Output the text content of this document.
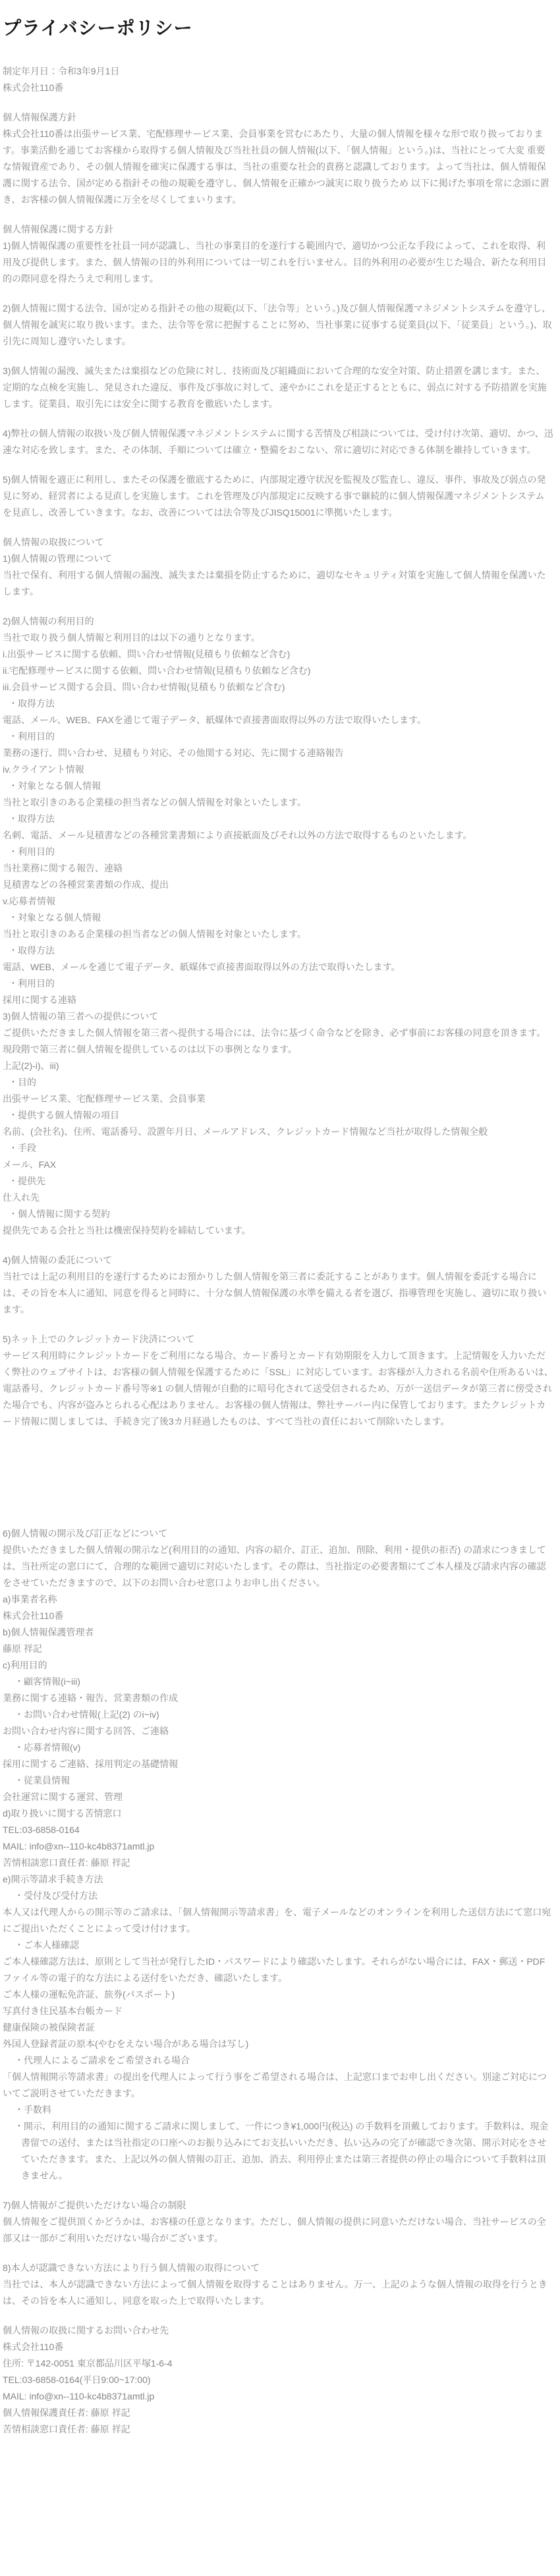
プライバシーポリシー

制定年月日：令和3年9月1日

株式会社110番

個人情報保護方針

株式会社110番は出張サービス業、宅配修理サービス業、会員事業を営むにあたり、大量の個人情報を様々な形で取り扱っております。事業活動を通じてお客様から取得する個人情報及び当社社員の個人情報(以下、「個人情報」という。)は、当社にとって大変 重要な情報資産であり、その個人情報を確実に保護する事は、当社の重要な社会的責務と認識しております。よって当社は、個人情報保護に関する法令、国が定める指針その他の規範を遵守し、個人情報を正確かつ誠実に取り扱うため 以下に掲げた事項を常に念頭に置き、お客様の個人情報保護に万全を尽くしてまいります。

個人情報保護に関する方針

1)個人情報保護の重要性を社員一同が認識し、当社の事業目的を遂行する範囲内で、適切かつ公正な手段によって、これを取得、利用及び提供します。また、個人情報の目的外利用については一切これを行いません。目的外利用の必要が生じた場合、新たな利用目的の際同意を得たうえで利用します。

2)個人情報に関する法令、国が定める指針その他の規範(以下、「法令等」という。)及び個人情報保護マネジメントシステムを遵守し、個人情報を誠実に取り扱います。また、法令等を常に把握することに努め、当社事業に従事する従業員(以下、「従業員」という。)、取引先に周知し遵守いたします。

3)個人情報の漏洩、滅失または棄損などの危険に対し、技術面及び組織面において合理的な安全対策、防止措置を講じます。また、定期的な点検を実施し、発見された違反、事件及び事故に対して、速やかにこれを是正するとともに、弱点に対する予防措置を実施します。従業員、取引先には安全に関する教育を徹底いたします。

4)弊社の個人情報の取扱い及び個人情報保護マネジメントシステムに関する苦情及び相談については、受け付け次第、適切、かつ、迅速な対応を致します。また、その体制、手順については確立・整備をおこない、常に適切に対応できる体制を維持していきます。

5)個人情報を適正に利用し、またその保護を徹底するために、内部規定遵守状況を監視及び監査し、違反、事件、事故及び弱点の発見に努め、経営者による見直しを実施します。これを管理及び内部規定に反映する事で継続的に個人情報保護マネジメントシステムを見直し、改善していきます。なお、改善については法令等及びJISQ15001に準拠いたします。

個人情報の取扱について

1)個人情報の管理について

当社で保有、利用する個人情報の漏洩、滅失または棄損を防止するために、適切なセキュリティ対策を実施して個人情報を保護いたします。

2)個人情報の利用目的

当社で取り扱う個人情報と利用目的は以下の通りとなります。

i.出張サービスに関する依頼、問い合わせ情報(見積もり依頼など含む)

ii.宅配修理サービスに関する依頼、問い合わせ情報(見積もり依頼など含む)

iii.会員サービス関する会員、問い合わせ情報(見積もり依頼など含む)

・取得方法

電話、メール、WEB、FAXを通じて電子データ、紙媒体で直接書面取得以外の方法で取得いたします。

・利用目的

業務の遂行、問い合わせ、見積もり対応、その他関する対応、先に関する連絡報告

iv.クライアント情報

・対象となる個人情報

当社と取引きのある企業様の担当者などの個人情報を対象といたします。

・取得方法

名刺、電話、メール見積書などの各種営業書類により直接紙面及びそれ以外の方法で取得するものといたします。

・利用目的

当社業務に関する報告、連絡

見積書などの各種営業書類の作成、提出

v.応募者情報

・対象となる個人情報

当社と取引きのある企業様の担当者などの個人情報を対象といたします。

・取得方法

電話、WEB、メールを通じて電子データ、紙媒体で直接書面取得以外の方法で取得いたします。

・利用目的

採用に関する連絡

3)個人情報の第三者への提供について

ご提供いただきました個人情報を第三者へ提供する場合には、法令に基づく命令などを除き、必ず事前にお客様の同意を頂きます。現段階で第三者に個人情報を提供しているのは以下の事例となります。

上記(2)-i)、iii)

・目的

出張サービス業、宅配修理サービス業、会員事業

・提供する個人情報の項目

名前、(会社名)、住所、電話番号、設置年月日、メールアドレス、クレジットカード情報など当社が取得した情報全般

・手段

メール、FAX

・提供先

仕入れ先

・個人情報に関する契約

提供先である会社と当社は機密保持契約を締結しています。

4)個人情報の委託について

当社では上記の利用目的を遂行するためにお預かりした個人情報を第三者に委託することがあります。個人情報を委託する場合には、その旨を本人に通知、同意を得ると同時に、十分な個人情報保護の水準を備える者を選び、指導管理を実施し、適切に取り扱います。

5)ネット上でのクレジットカード決済について

サービス利用時にクレジットカードをご利用になる場合、カード番号とカード有効期限を入力して頂きます。上記情報を入力いただく弊社のウェブサイトは、お客様の個人情報を保護するために「SSL」に対応しています。お客様が入力される名前や住所あるいは、電話番号、クレジットカード番号等※1 の個人情報が自動的に暗号化されて送受信されるため、万が一送信データが第三者に傍受された場合でも、内容が盗みとられる心配はありません。お客様の個人情報は、弊社サーバー内に保管しております。またクレジットカード情報に関しましては、手続き完了後3カ月経過したものは、すべて当社の責任において削除いたします。

6)個人情報の開示及び訂正などについて

提供いただきました個人情報の開示など(利用目的の通知、内容の紹介、訂正、追加、削除、利用・提供の拒否) の請求につきましては、当社所定の窓口にて、合理的な範囲で適切に対応いたします。その際は、当社指定の必要書類にてご本人様及び請求内容の確認をさせていただきますので、以下のお問い合わせ窓口よりお申し出ください。

a)事業者名称

株式会社110番

b)個人情報保護管理者

藤原 祥記

c)利用目的

・顧客情報(i~iii)

業務に関する連絡・報告、営業書類の作成

・お問い合わせ情報(上記(2) のi~iv)

お問い合わせ内容に関する回答、ご連絡

・応募者情報(v)

採用に関するご連絡、採用判定の基礎情報

・従業員情報

会社運営に関する運営、管理

d)取り扱いに関する苦情窓口

TEL:03-6858-0164

MAIL: info@xn--110-kc4b8371amtl.jp

苦情相談窓口責任者: 藤原 祥記

e)開示等請求手続き方法

・受付及び受付方法

本人又は代理人からの開示等のご請求は、「個人情報開示等請求書」を、電子メールなどのオンラインを利用した送信方法にて窓口宛にご提出いただくことによって受け付けます。

・ご本人様確認

ご本人様確認方法は、原則として当社が発行したID・パスワードにより確認いたします。それらがない場合には、FAX・郵送・PDFファイル等の電子的な方法による送付をいただき、確認いたします。

ご本人様の運転免許証、旅券(パスポート)

写真付き住民基本台帳カード

健康保険の被保険者証

外国人登録者証の原本(やむをえない場合がある場合は写し)

・代理人によるご請求をご希望される場合

「個人情報開示等請求書」の提出を代理人によって行う事をご希望される場合は、上記窓口までお申し出ください。別途ご対応についてご説明させていただきます。

・手数料

・開示、利用目的の通知に関するご請求に関しまして、一件につき¥1,000円(税込) の手数料を頂戴しております。手数料は、現金書留での送付、または当社指定の口座へのお振り込みにてお支払いいただき、払い込みの完了が確認でき次第、開示対応をさせていただきます。また、上記以外の個人情報の訂正、追加、消去、利用停止または第三者提供の停止の場合について手数料は頂きません。

7)個人情報がご提供いただけない場合の制限

個人情報をご提供頂くかどうかは、お客様の任意となります。ただし、個人情報の提供に同意いただけない場合、当社サービスの全部又は一部がご利用いただけない場合がございます。

8)本人が認識できない方法により行う個人情報の取得について

当社では、本人が認識できない方法によって個人情報を取得することはありません。万一、上記のような個人情報の取得を行うときは、その旨を本人に通知し、同意を取った上で取得いたします。

個人情報の取扱に関するお問い合わせ先

株式会社110番

住所: 〒142-0051 東京都品川区平塚1-6-4

TEL:03-6858-0164(平日9:00~17:00)

MAIL: info@xn--110-kc4b8371amtl.jp

個人情報保護責任者: 藤原 祥記

苦情相談窓口責任者: 藤原 祥記
